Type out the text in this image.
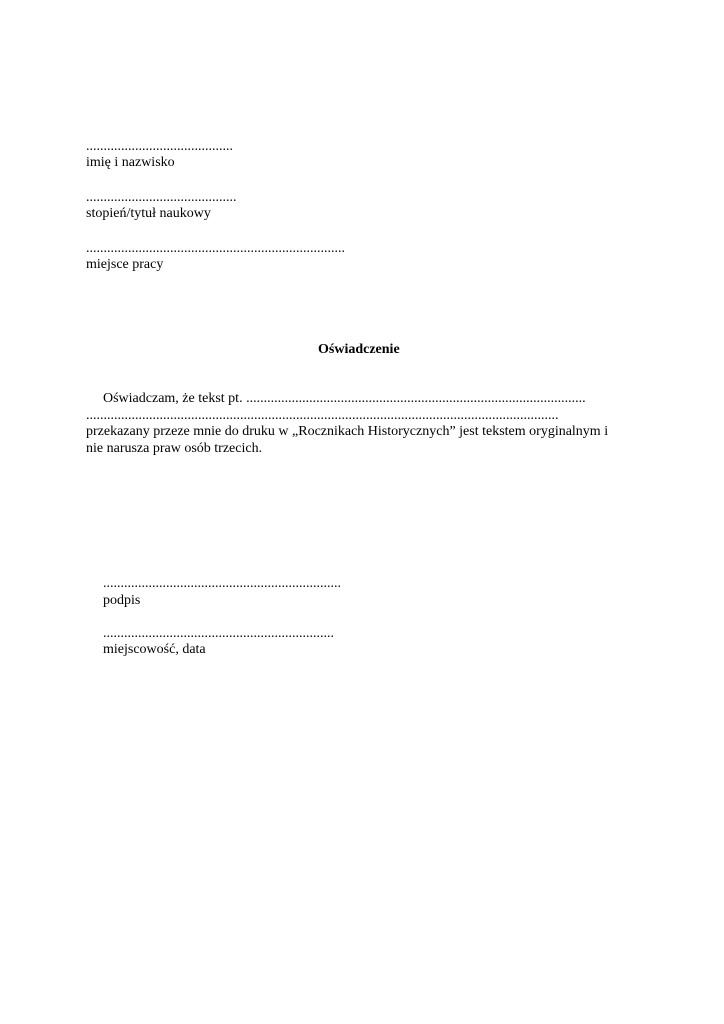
..........................................
imię i nazwisko
...........................................
stopień/tytuł naukowy
..........................................................................
miejsce pracy
Oświadczenie
Oświadczam, że tekst pt. .................................................................................................
.......................................................................................................................................
przekazany przeze mnie do druku w „Rocznikach Historycznych” jest tekstem oryginalnym i
nie narusza praw osób trzecich.
....................................................................
podpis
..................................................................
miejscowość, data
